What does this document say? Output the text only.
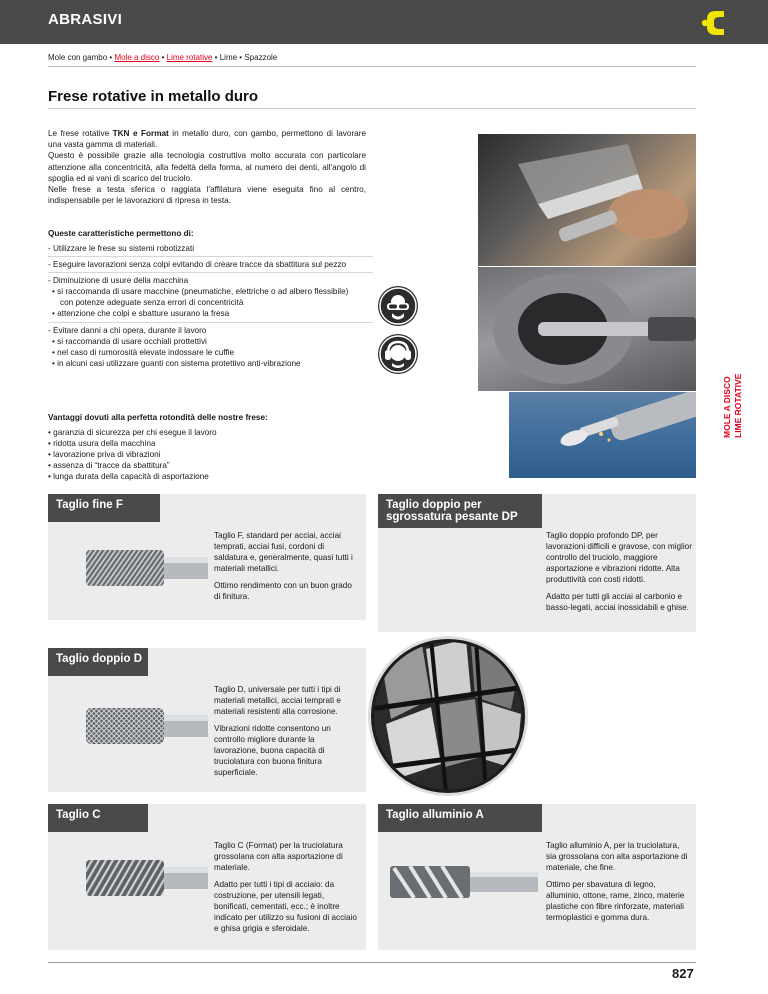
ABRASIVI
Mole con gambo • Mole a disco • Lime rotative • Lime • Spazzole
Frese rotative in metallo duro

Le frese rotative TKN e Format in metallo duro, con gambo, permettono di lavorare una vasta gamma di materiali.

Questo è possibile grazie alla tecnologia costruttiva molto accurata con particolare attenzione alla concentricità, alla fedeltà della forma, al numero dei denti, all'angolo di spoglia ed ai vani di scarico del truciolo.

Nelle frese a testa sferica o raggiata l'affilatura viene eseguita fino al centro, indispensabile per le lavorazioni di ripresa in testa.

Queste caratteristiche permettono di:
- Utilizzare le frese su sistemi robotizzati
- Eseguire lavorazioni senza colpi evitando di creare tracce da sbattitura sul pezzo
- Diminuizione di usure della macchina
• si raccomanda di usare macchine (pneumatiche, elettriche o ad albero flessibile)
con potenze adeguate senza errori di concentricità
• attenzione che colpi e sbatture usurano la fresa
- Evitare danni a chi opera, durante il lavoro
• si raccomanda di usare occhiali prottettivi
• nel caso di rumorosità elevate indossare le cuffie
• in alcuni casi utilizzare guanti con sistema protettivo anti-vibrazione
Vantaggi dovuti alla perfetta rotondità delle nostre frese:
• garanzia di sicurezza per chi esegue il lavoro
• ridotta usura della macchina
• lavorazione priva di vibrazioni
• assenza di “tracce da sbattitura”
• lunga durata della capacità di asportazione
MOLE A DISCO LIME ROTATIVE
Taglio fine F

Taglio F, standard per acciai, acciai temprati, acciai fusi, cordoni di saldatura e, generalmente, quasi tutti i materiali metallici.

Ottimo rendimento con un buon grado di finitura.

Taglio doppio per sgrossatura pesante DP

Taglio doppio profondo DP, per lavorazioni difficili e gravose, con miglior controllo del truciolo, maggiore asportazione e vibrazioni ridotte. Alta produttività con costi ridotti.

Adatto per tutti gli acciai al carbonio e basso-legati, acciai inossidabili e ghise.

Taglio doppio D

Taglio D, universale per tutti i tipi di materiali metallici, acciai temprati e materiali resistenti alla corrosione.

Vibrazioni ridotte consentono un controllo migliore durante la lavorazione, buona capacità di truciolatura con buona finitura superficiale.

Taglio C

Taglio C (Format) per la truciolatura grossolana con alta asportazione di materiale.

Adatto per tutti i tipi di acciaio: da costruzione, per utensili legati, bonificati, cementati, ecc.; è inoltre indicato per utilizzo su fusioni di acciaio e ghisa grigia e sferoidale.

Taglio alluminio A

Taglio alluminio A, per la truciolatura, sia grossolana con alta asportazione di materiale, che fine.

Ottimo per sbavatura di legno, alluminio, ottone, rame, zinco, materie plastiche con fibre rinforzate, materiali termoplastici e gomma dura.

827
